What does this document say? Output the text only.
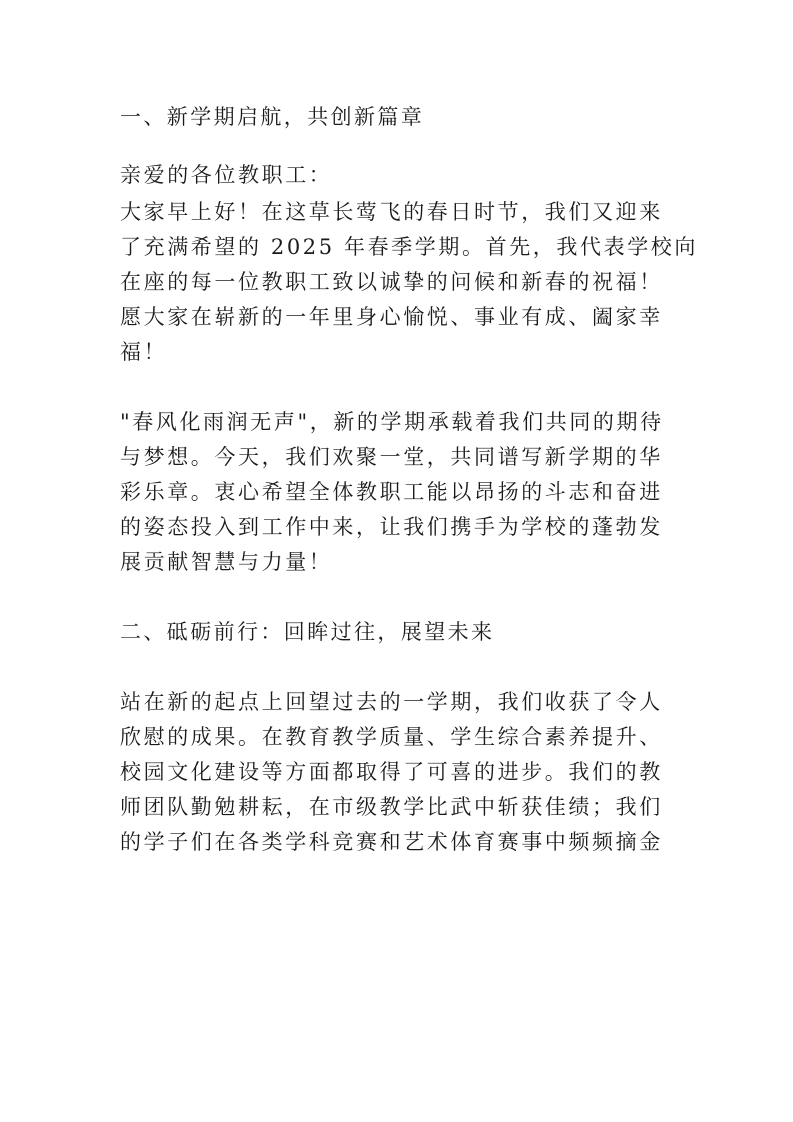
一、新学期启航，共创新篇章
亲爱的各位教职工：
大家早上好！在这草长莺飞的春日时节，我们又迎来
了充满希望的 2025 年春季学期。首先，我代表学校向
在座的每一位教职工致以诚挚的问候和新春的祝福！
愿大家在崭新的一年里身心愉悦、事业有成、阖家幸
福！
"春风化雨润无声"，新的学期承载着我们共同的期待
与梦想。今天，我们欢聚一堂，共同谱写新学期的华
彩乐章。衷心希望全体教职工能以昂扬的斗志和奋进
的姿态投入到工作中来，让我们携手为学校的蓬勃发
展贡献智慧与力量！
二、砥砺前行：回眸过往，展望未来
站在新的起点上回望过去的一学期，我们收获了令人
欣慰的成果。在教育教学质量、学生综合素养提升、
校园文化建设等方面都取得了可喜的进步。我们的教
师团队勤勉耕耘，在市级教学比武中斩获佳绩；我们
的学子们在各类学科竞赛和艺术体育赛事中频频摘金
